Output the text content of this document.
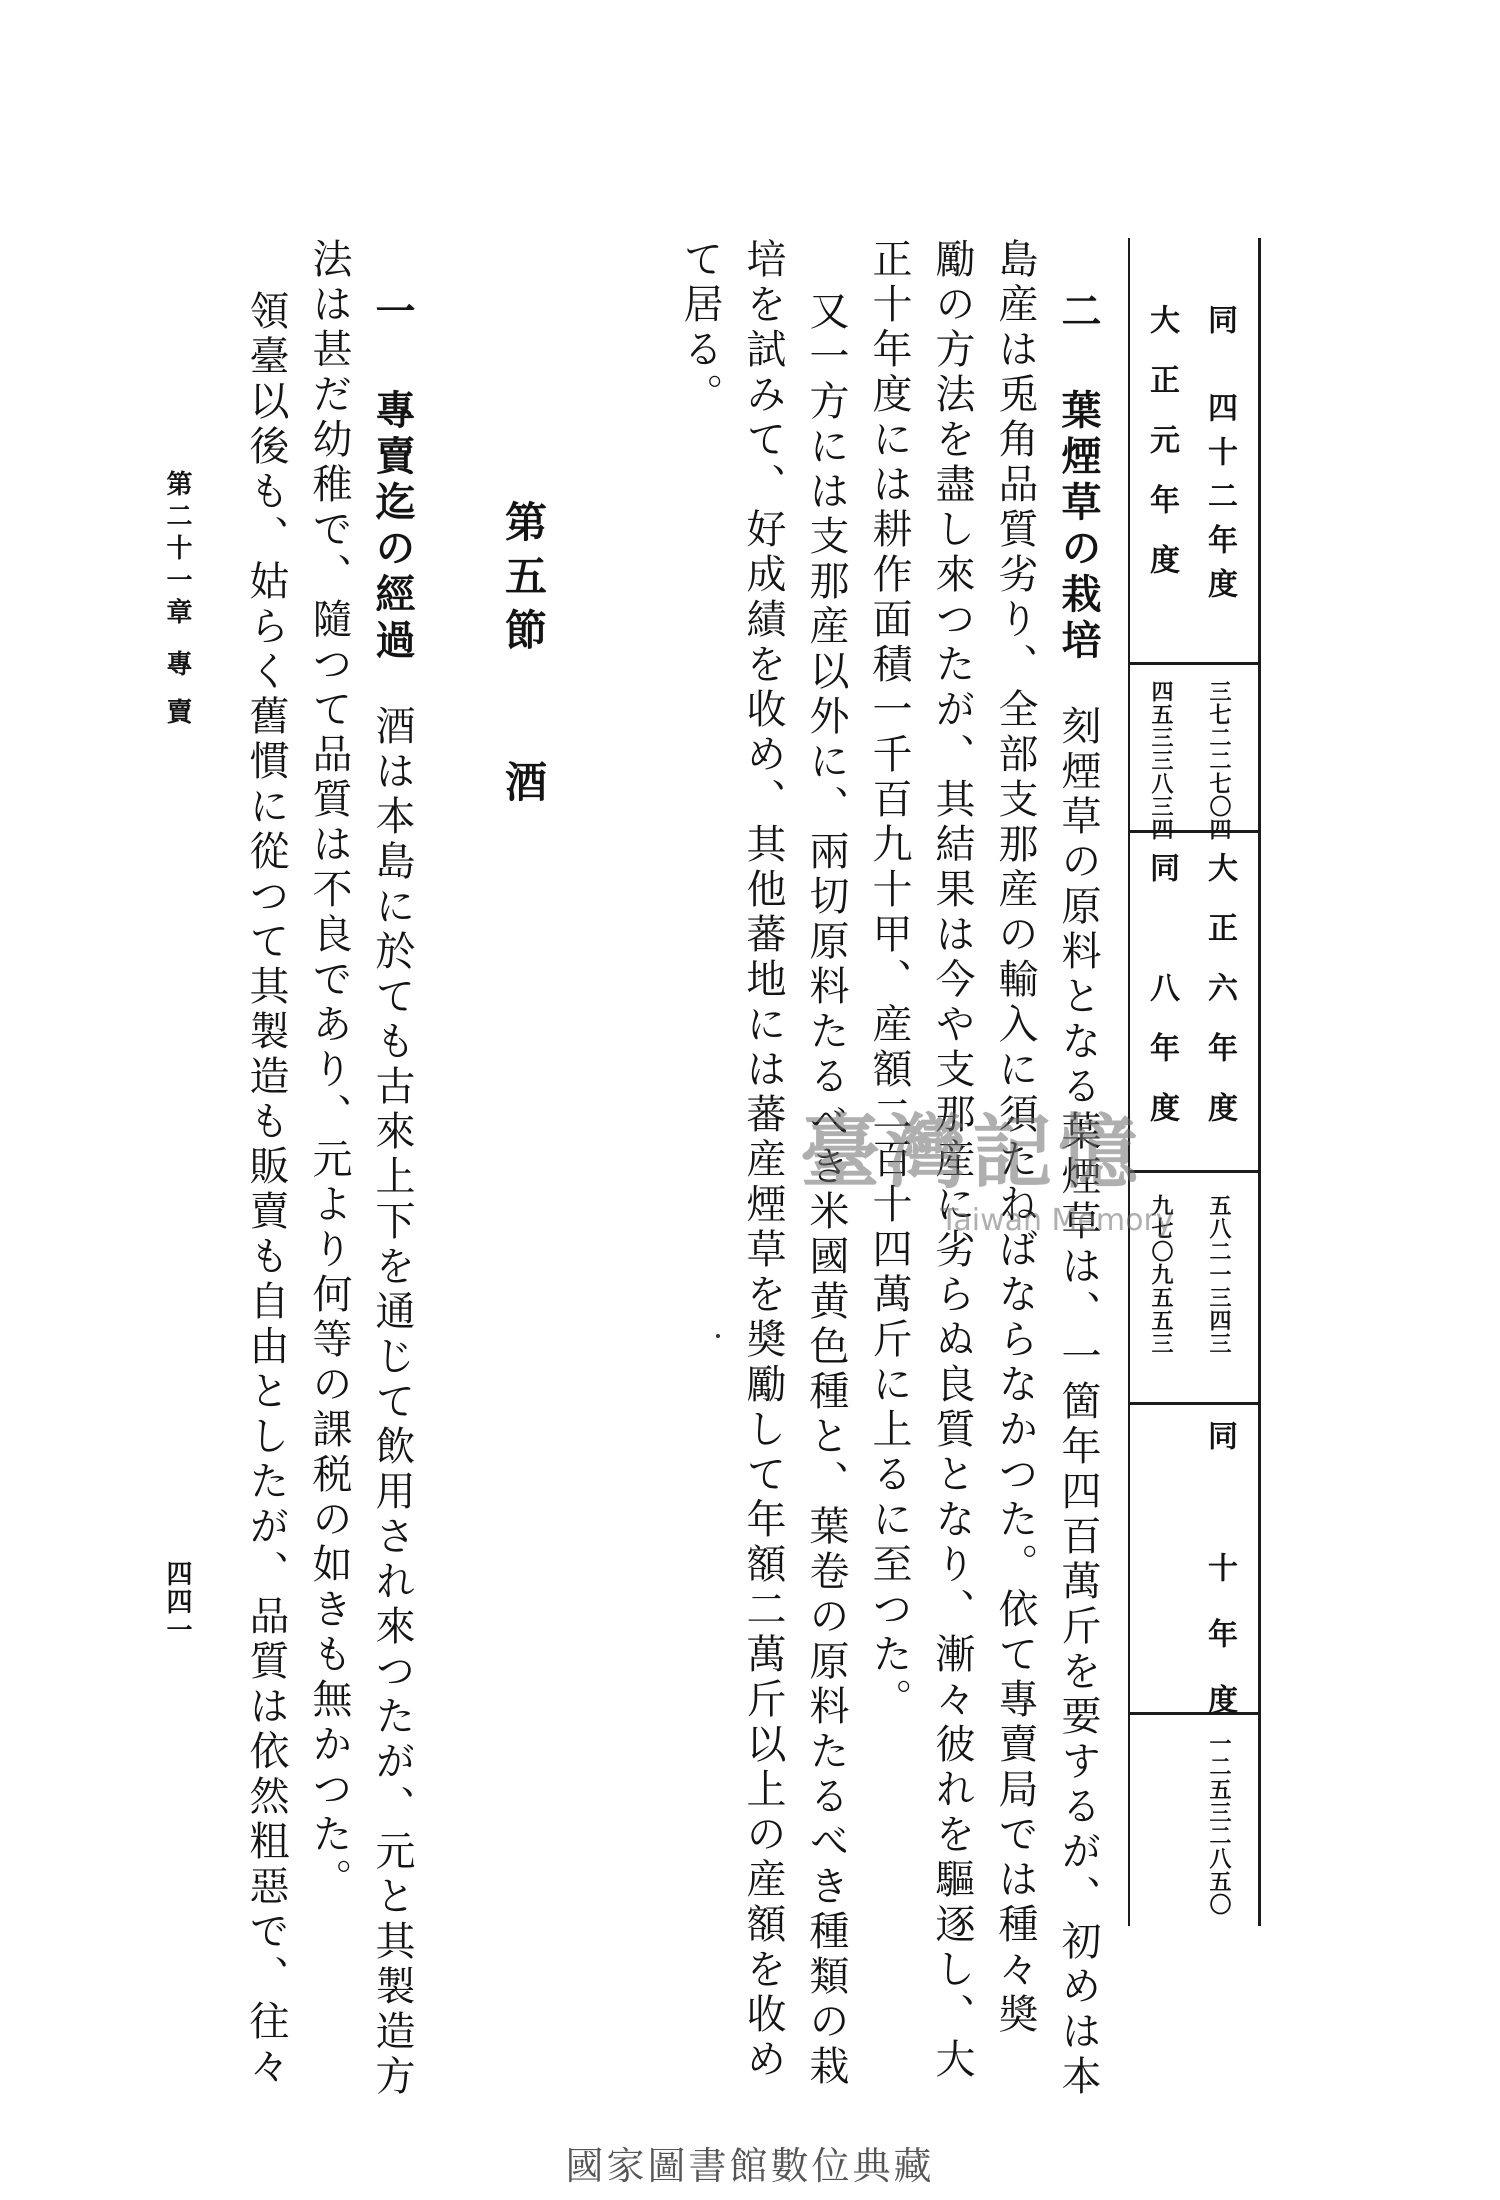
同　四十二年度
大正元年度
三七二二七〇四
四五三三八三四
大正六年度
同　八年度
五八二一三四三
九七〇九五五三
同　十年度
一二五三二八五〇
二 葉煙草の栽培刻煙草の原料となる葉煙草は、一箇年四百萬斤を要するが、初めは本
島産は兎角品質劣り、全部支那産の輸入に須たねばならなかつた。依て專賣局では種々奬
勵の方法を盡し來つたが、其結果は今や支那産に劣らぬ良質となり、漸々彼れを驅逐し、大
正十年度には耕作面積一千百九十甲、産額二百十四萬斤に上るに至つた。
又一方には支那産以外に、兩切原料たるべき米國黄色種と、葉卷の原料たるべき種類の栽
培を試みて、好成績を收め、其他蕃地には蕃産煙草を奬勵して年額二萬斤以上の産額を收め
て居る。
第五節
酒
一 專賣迄の經過酒は本島に於ても古來上下を通じて飲用され來つたが、元と其製造方
法は甚だ幼稚で、隨つて品質は不良であり、元より何等の課税の如きも無かつた。
領臺以後も、姑らく舊慣に從つて其製造も販賣も自由としたが、品質は依然粗惡で、往々
第二十一章
專賣
四四一
臺灣記憶
Taiwan Memory
國家圖書館數位典藏
